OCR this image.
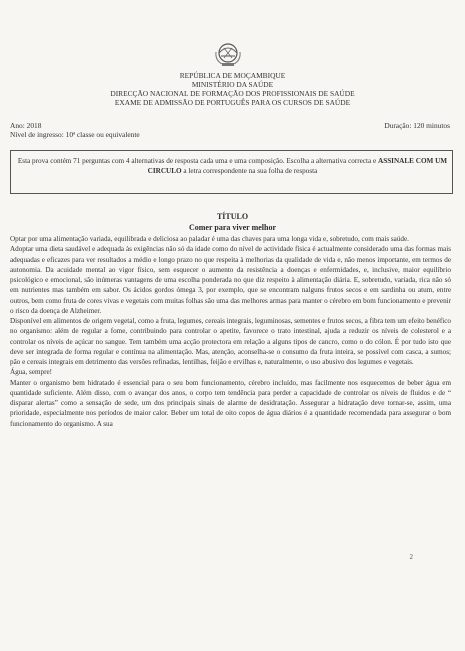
REPÚBLICA DE MOÇAMBIQUE
MINISTÉRIO DA SAÚDE
DIRECÇÃO NACIONAL DE FORMAÇÃO DOS PROFISSIONAIS DE SAÚDE
EXAME DE ADMISSÃO DE PORTUGUÊS PARA OS CURSOS DE SAÚDE
Ano: 2018
Nível de ingresso: 10ª classe ou equivalente
Duração: 120 minutos
Esta prova contém 71 perguntas com 4 alternativas de resposta cada uma e uma composição. Escolha a alternativa correcta e ASSINALE COM UM CIRCULO a letra correspondente na sua folha de resposta
TÍTULO
Comer para viver melhor

Optar por uma alimentação variada, equilibrada e deliciosa ao paladar é uma das chaves para uma longa vida e, sobretudo, com mais saúde.

Adoptar uma dieta saudável e adequada às exigências não só da idade como do nível de actividade física é actualmente considerado uma das formas mais adequadas e eficazes para ver resultados a médio e longo prazo no que respeita à melhorias da qualidade de vida e, não menos importante, em termos de autonomia. Da acuidade mental ao vigor físico, sem esquecer o aumento da resistência a doenças e enfermidades, e, inclusive, maior equilíbrio psicológico e emocional, são inúmeras vantagens de uma escolha ponderada no que diz respeito à alimentação diária. E, sobretudo, variada, rica não só em nutrientes mas também em sabor. Os ácidos gordos ómega 3, por exemplo, que se encontram nalguns frutos secos e em sardinha ou atum, entre outros, bem como fruta de cores vivas e vegetais com muitas folhas são uma das melhores armas para manter o cérebro em bom funcionamento e prevenir o risco da doença de Alzheimer.

Disponível em alimentos de origem vegetal, como a fruta, legumes, cereais integrais, leguminosas, sementes e frutos secos, a fibra tem um efeito benéfico no organismo: além de regular a fome, contribuindo para controlar o apetite, favorece o trato intestinal, ajuda a reduzir os níveis de colesterol e a controlar os níveis de açúcar no sangue. Tem também uma acção protectora em relação a alguns tipos de cancro, como o do cólon. É por tudo isto que deve ser integrada de forma regular e contínua na alimentação. Mas, atenção, aconselha-se o consumo da fruta inteira, se possível com casca, a sumos; pão e cereais integrais em detrimento das versões refinadas, lentilhas, feijão e ervilhas e, naturalmente, o uso abusivo dos legumes e vegetais.

Água, sempre!

Manter o organismo bem hidratado é essencial para o seu bom funcionamento, cérebro incluído, mas facilmente nos esquecemos de beber água em quantidade suficiente. Além disso, com o avançar dos anos, o corpo tem tendência para perder a capacidade de controlar os níveis de fluidos e de “ disparar alertas” como a sensação de sede, um dos principais sinais de alarme de desidratação. Assegurar a hidratação deve tornar-se, assim, uma prioridade, especialmente nos períodos de maior calor. Beber um total de oito copos de água diários é a quantidade recomendada para assegurar o bom funcionamento do organismo. A sua

2
